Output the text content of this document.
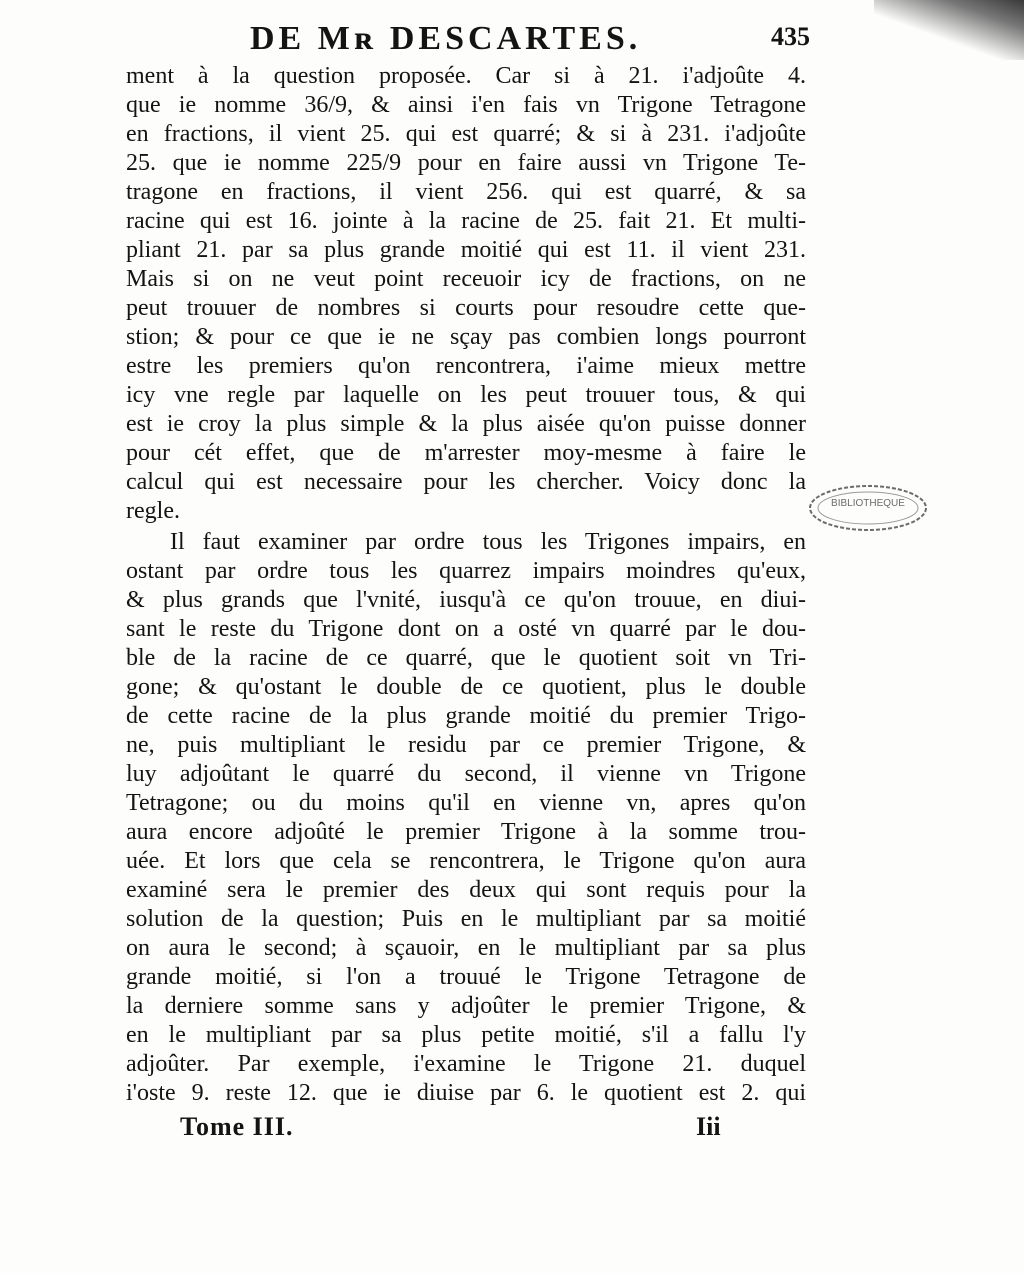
DE Mʀ DESCARTES.	435
ment à la question proposée. Car si à 21. i'adjoûte 4.
que ie nomme 36/9, & ainsi i'en fais vn Trigone Tetragone
en fractions, il vient 25. qui est quarré; & si à 231. i'adjoûte
25. que ie nomme 225/9 pour en faire aussi vn Trigone Te-
tragone en fractions, il vient 256. qui est quarré, & sa
racine qui est 16. jointe à la racine de 25. fait 21. Et multi-
pliant 21. par sa plus grande moitié qui est 11. il vient 231.
Mais si on ne veut point receuoir icy de fractions, on ne
peut trouuer de nombres si courts pour resoudre cette que-
stion; & pour ce que ie ne sçay pas combien longs pourront
estre les premiers qu'on rencontrera, i'aime mieux mettre
icy vne regle par laquelle on les peut trouuer tous, & qui
est ie croy la plus simple & la plus aisée qu'on puisse donner
pour cét effet, que de m'arrester moy-mesme à faire le
calcul qui est necessaire pour les chercher. Voicy donc la
regle.
Il faut examiner par ordre tous les Trigones impairs, en
ostant par ordre tous les quarrez impairs moindres qu'eux,
& plus grands que l'vnité, iusqu'à ce qu'on trouue, en diui-
sant le reste du Trigone dont on a osté vn quarré par le dou-
ble de la racine de ce quarré, que le quotient soit vn Tri-
gone; & qu'ostant le double de ce quotient, plus le double
de cette racine de la plus grande moitié du premier Trigo-
ne, puis multipliant le residu par ce premier Trigone, &
luy adjoûtant le quarré du second, il vienne vn Trigone
Tetragone; ou du moins qu'il en vienne vn, apres qu'on
aura encore adjoûté le premier Trigone à la somme trou-
uée. Et lors que cela se rencontrera, le Trigone qu'on aura
examiné sera le premier des deux qui sont requis pour la
solution de la question; Puis en le multipliant par sa moitié
on aura le second; à sçauoir, en le multipliant par sa plus
grande moitié, si l'on a trouué le Trigone Tetragone de
la derniere somme sans y adjoûter le premier Trigone, &
en le multipliant par sa plus petite moitié, s'il a fallu l'y
adjoûter. Par exemple, i'examine le Trigone 21. duquel
i'oste 9. reste 12. que ie diuise par 6. le quotient est 2. qui
BIBLIOTHEQUE
Tome III.	Iii
